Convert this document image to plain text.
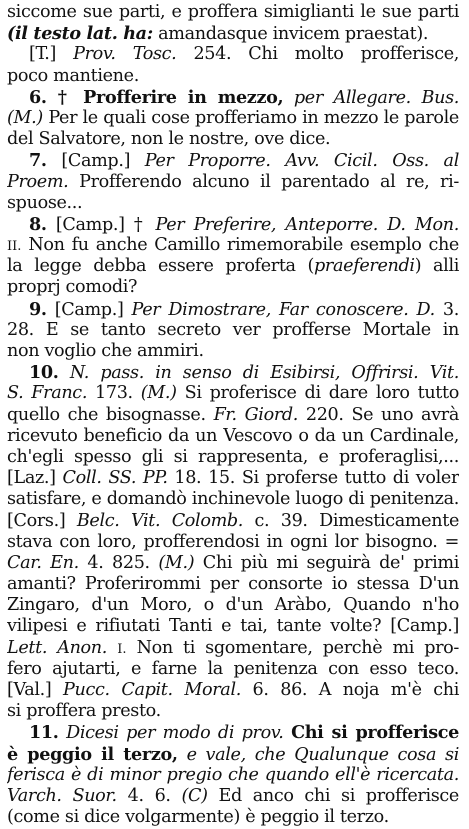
siccome sue parti, e proffera simiglianti le sue parti
(il testo lat. ha: amandasque invicem praestat).
[T.] Prov. Tosc. 254. Chi molto profferisce,
poco mantiene.
6. † Profferire in mezzo, per Allegare. Bus.
(M.) Per le quali cose profferiamo in mezzo le parole
del Salvatore, non le nostre, ove dice.
7. [Camp.] Per Proporre. Avv. Cicil. Oss. al
Proem. Profferendo alcuno il parentado al re, ri-
spuose...
8. [Camp.] † Per Preferire, Anteporre. D. Mon.
II. Non fu anche Camillo rimemorabile esemplo che
la legge debba essere proferta (praeferendi) alli
proprj comodi?
9. [Camp.] Per Dimostrare, Far conoscere. D. 3.
28. E se tanto secreto ver profferse Mortale in
non voglio che ammiri.
10. N. pass. in senso di Esibirsi, Offrirsi. Vit.
S. Franc. 173. (M.) Si proferisce di dare loro tutto
quello che bisognasse. Fr. Giord. 220. Se uno avrà
ricevuto beneficio da un Vescovo o da un Cardinale,
ch'egli spesso gli si rappresenta, e proferaglisi,...
[Laz.] Coll. SS. PP. 18. 15. Si proferse tutto di voler
satisfare, e domandò inchinevole luogo di penitenza.
[Cors.] Belc. Vit. Colomb. c. 39. Dimesticamente
stava con loro, profferendosi in ogni lor bisogno. =
Car. En. 4. 825. (M.) Chi più mi seguirà de' primi
amanti? Proferirommi per consorte io stessa D'un
Zingaro, d'un Moro, o d'un Aràbo, Quando n'ho
vilipesi e rifiutati Tanti e tai, tante volte? [Camp.]
Lett. Anon. I. Non ti sgomentare, perchè mi pro-
fero ajutarti, e farne la penitenza con esso teco.
[Val.] Pucc. Capit. Moral. 6. 86. A noja m'è chi
si proffera presto.
11. Dicesi per modo di prov. Chi si profferisce
è peggio il terzo, e vale, che Qualunque cosa si
ferisca è di minor pregio che quando ell'è ricercata.
Varch. Suor. 4. 6. (C) Ed anco chi si profferisce
(come si dice volgarmente) è peggio il terzo.
